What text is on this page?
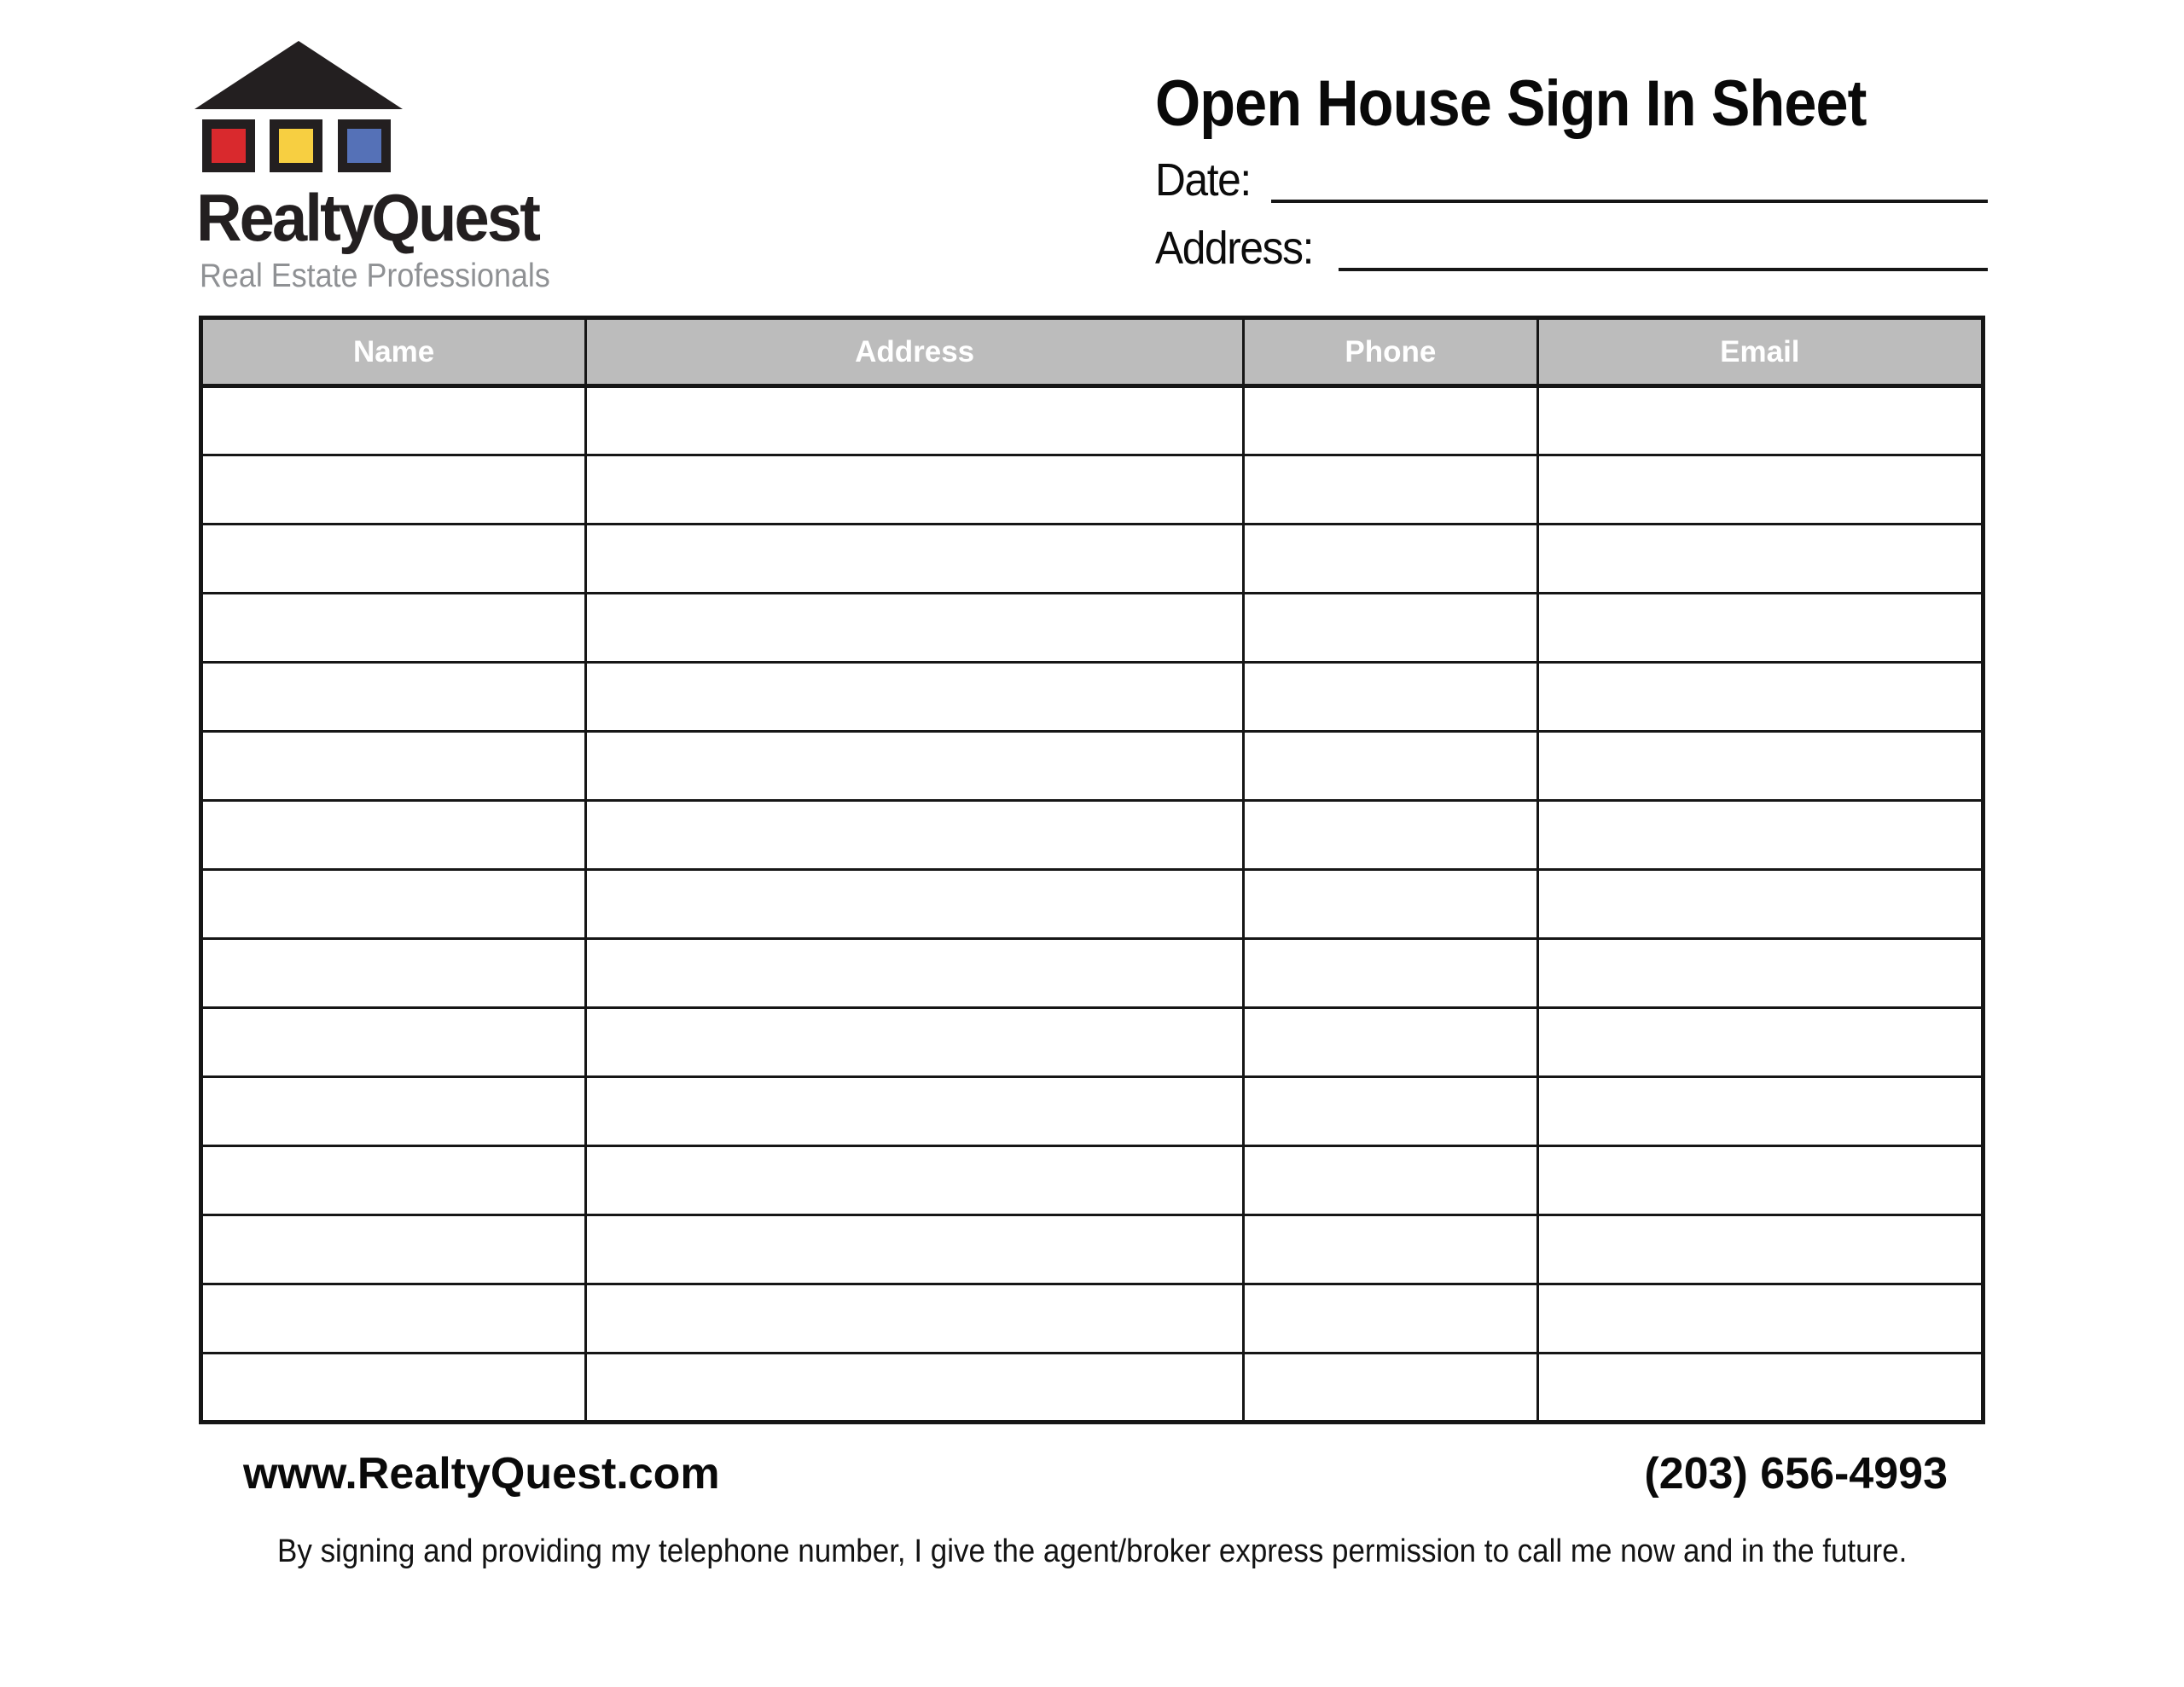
RealtyQuest
Real Estate Professionals
Open House Sign In Sheet
Date:
Address:
Name	Address	Phone	Email

www.RealtyQuest.com	(203) 656-4993
By signing and providing my telephone number, I give the agent/broker express permission to call me now and in the future.
